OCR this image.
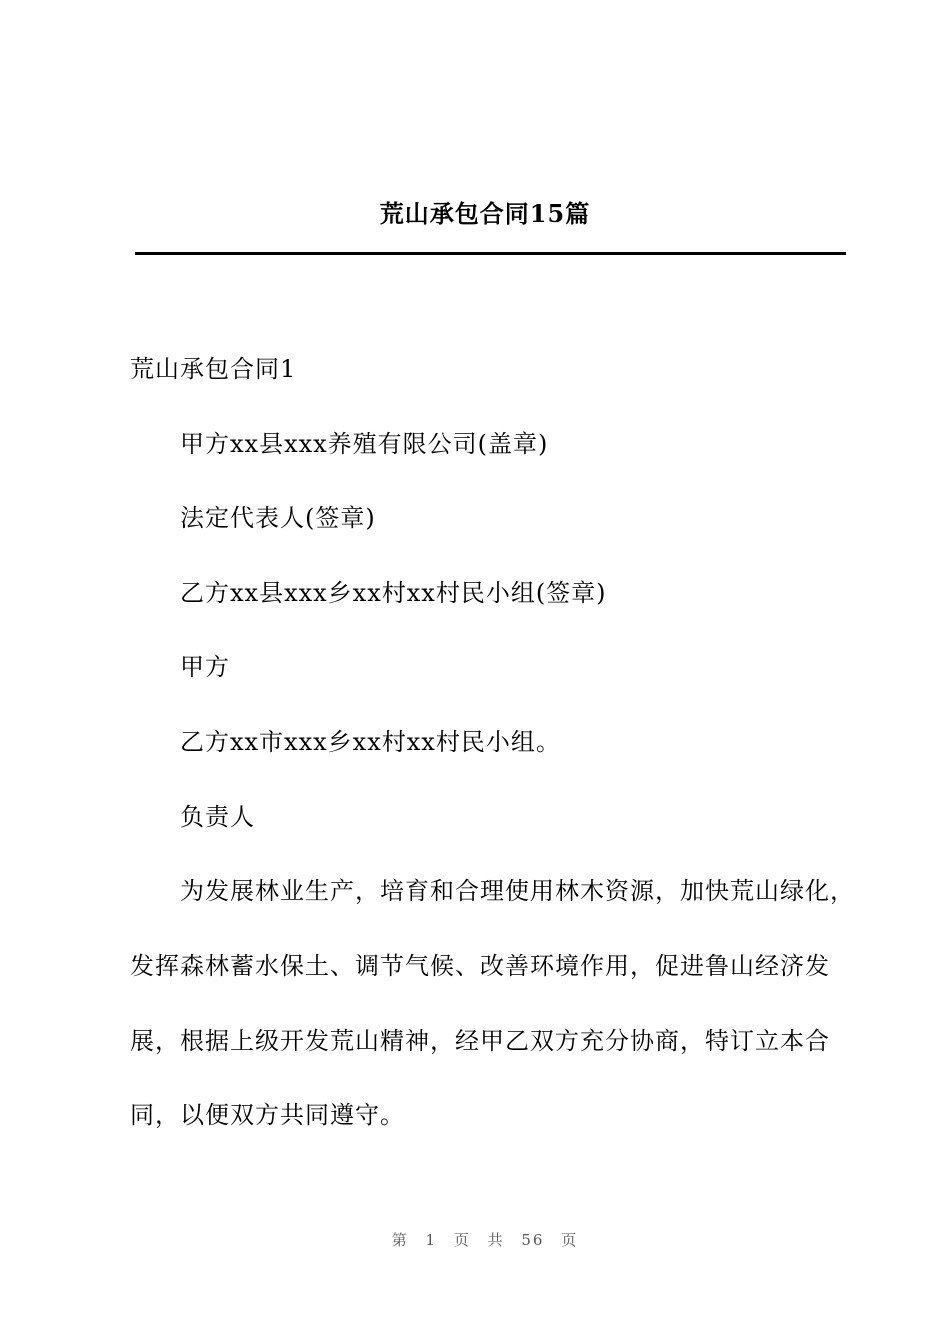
荒山承包合同15篇
荒山承包合同1
甲方xx县xxx养殖有限公司(盖章)
法定代表人(签章)
乙方xx县xxx乡xx村xx村民小组(签章)
甲方
乙方xx市xxx乡xx村xx村民小组。
负责人
为发展林业生产，培育和合理使用林木资源，加快荒山绿化，
发挥森林蓄水保土、调节气候、改善环境作用，促进鲁山经济发
展，根据上级开发荒山精神，经甲乙双方充分协商，特订立本合
同，以便双方共同遵守。
第 1 页 共 56 页
